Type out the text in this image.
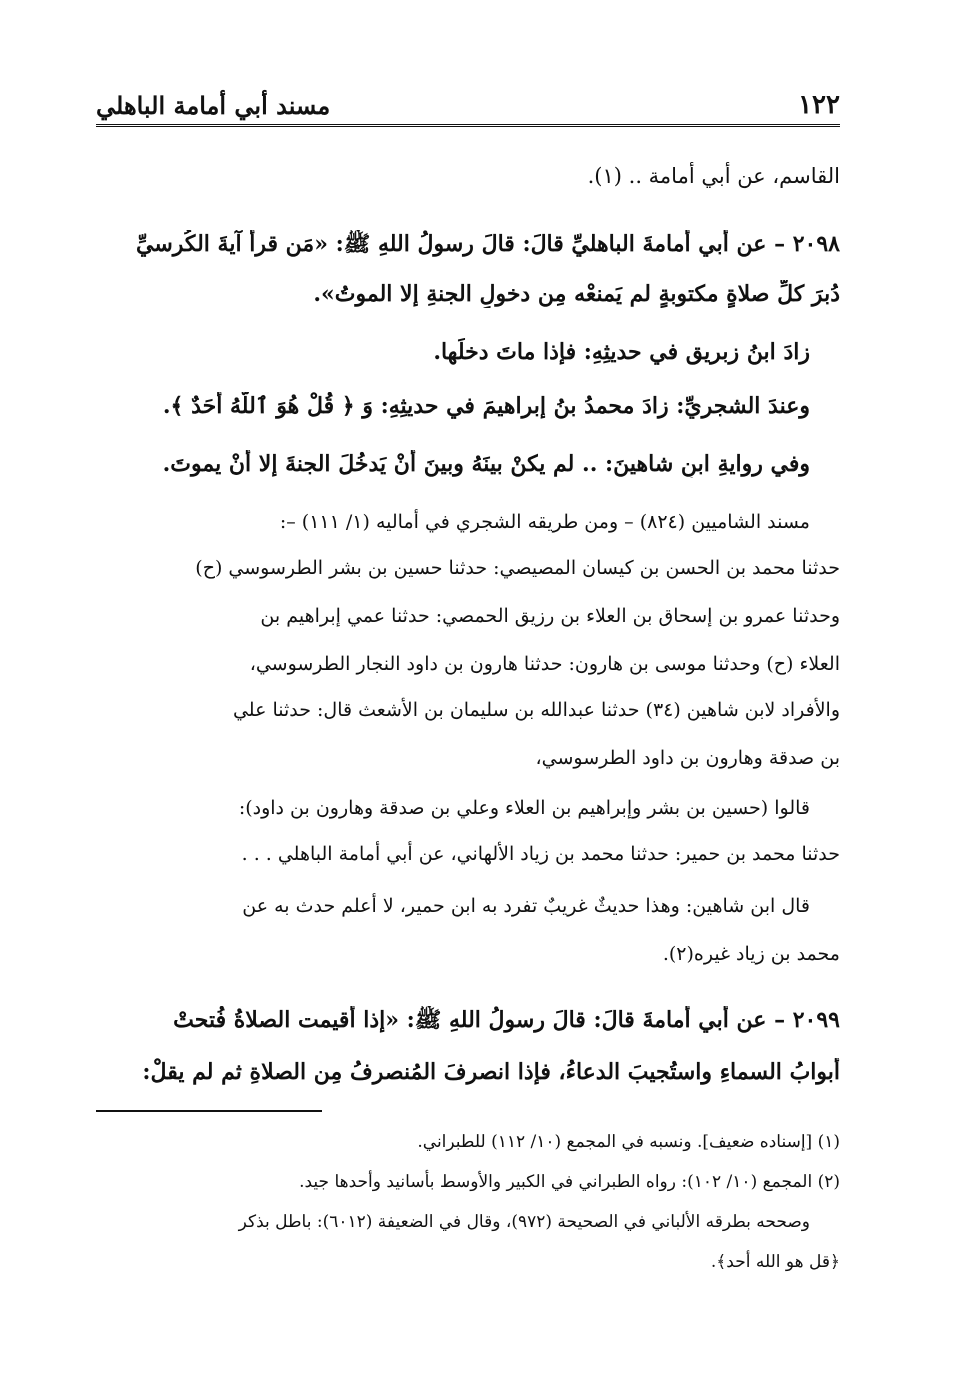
١٢٢
مسند أبي أمامة الباهلي
القاسم، عن أبي أمامة .. (١).
٢٠٩٨ – عن أبي أمامةَ الباهليِّ قالَ: قالَ رسولُ اللهِ ﷺ: «مَن قرأَ آيةَ الكُرسيِّ
دُبرَ كلِّ صلاةٍ مكتوبةٍ لم يَمنعْه مِن دخولِ الجنةِ إلا الموتُ».
زادَ ابنُ زبريق في حديثِهِ: فإذا ماتَ دخلَها.
وعندَ الشجريِّ: زادَ محمدُ بنُ إبراهيمَ في حديثِهِ: وَ ﴿ قُلْ هُوَ ٱللَّهُ أَحَدٌ ﴾.
وفي روايةِ ابنِ شاهينَ: .. لم يكنْ بينَهُ وبينَ أنْ يَدخُلَ الجنةَ إلا أنْ يموتَ.
مسند الشاميين (٨٢٤) – ومن طريقه الشجري في أماليه (١/ ١١١) –:
حدثنا محمد بن الحسن بن كيسان المصيصي: حدثنا حسين بن بشر الطرسوسي (ح)
وحدثنا عمرو بن إسحاق بن العلاء بن رزيق الحمصي: حدثنا عمي إبراهيم بن
العلاء (ح) وحدثنا موسى بن هارون: حدثنا هارون بن داود النجار الطرسوسي،
والأفراد لابن شاهين (٣٤) حدثنا عبدالله بن سليمان بن الأشعث قال: حدثنا علي
بن صدقة وهارون بن داود الطرسوسي،
قالوا (حسين بن بشر وإبراهيم بن العلاء وعلي بن صدقة وهارون بن داود):
حدثنا محمد بن حمير: حدثنا محمد بن زياد الألهاني، عن أبي أمامة الباهلي . . .
قال ابن شاهين: وهذا حديثٌ غريبٌ تفرد به ابن حمير، لا أعلم حدث به عن
محمد بن زياد غيره(٢).
٢٠٩٩ – عن أبي أمامةَ قالَ: قالَ رسولُ اللهِ ﷺ: «إذا أُقيمت الصلاةُ فُتحتْ
أبوابُ السماءِ واستُجيبَ الدعاءُ، فإذا انصرفَ المُنصرفُ مِن الصلاةِ ثم لم يقلْ:
(١) [إسناده ضعيف]. ونسبه في المجمع (١٠/ ١١٢) للطبراني.
(٢) المجمع (١٠/ ١٠٢): رواه الطبراني في الكبير والأوسط بأسانيد وأحدها جيد.
وصححه بطرقه الألباني في الصحيحة (٩٧٢)، وقال في الضعيفة (٦٠١٢): باطل بذكر
﴿قل هو الله أحد﴾.
